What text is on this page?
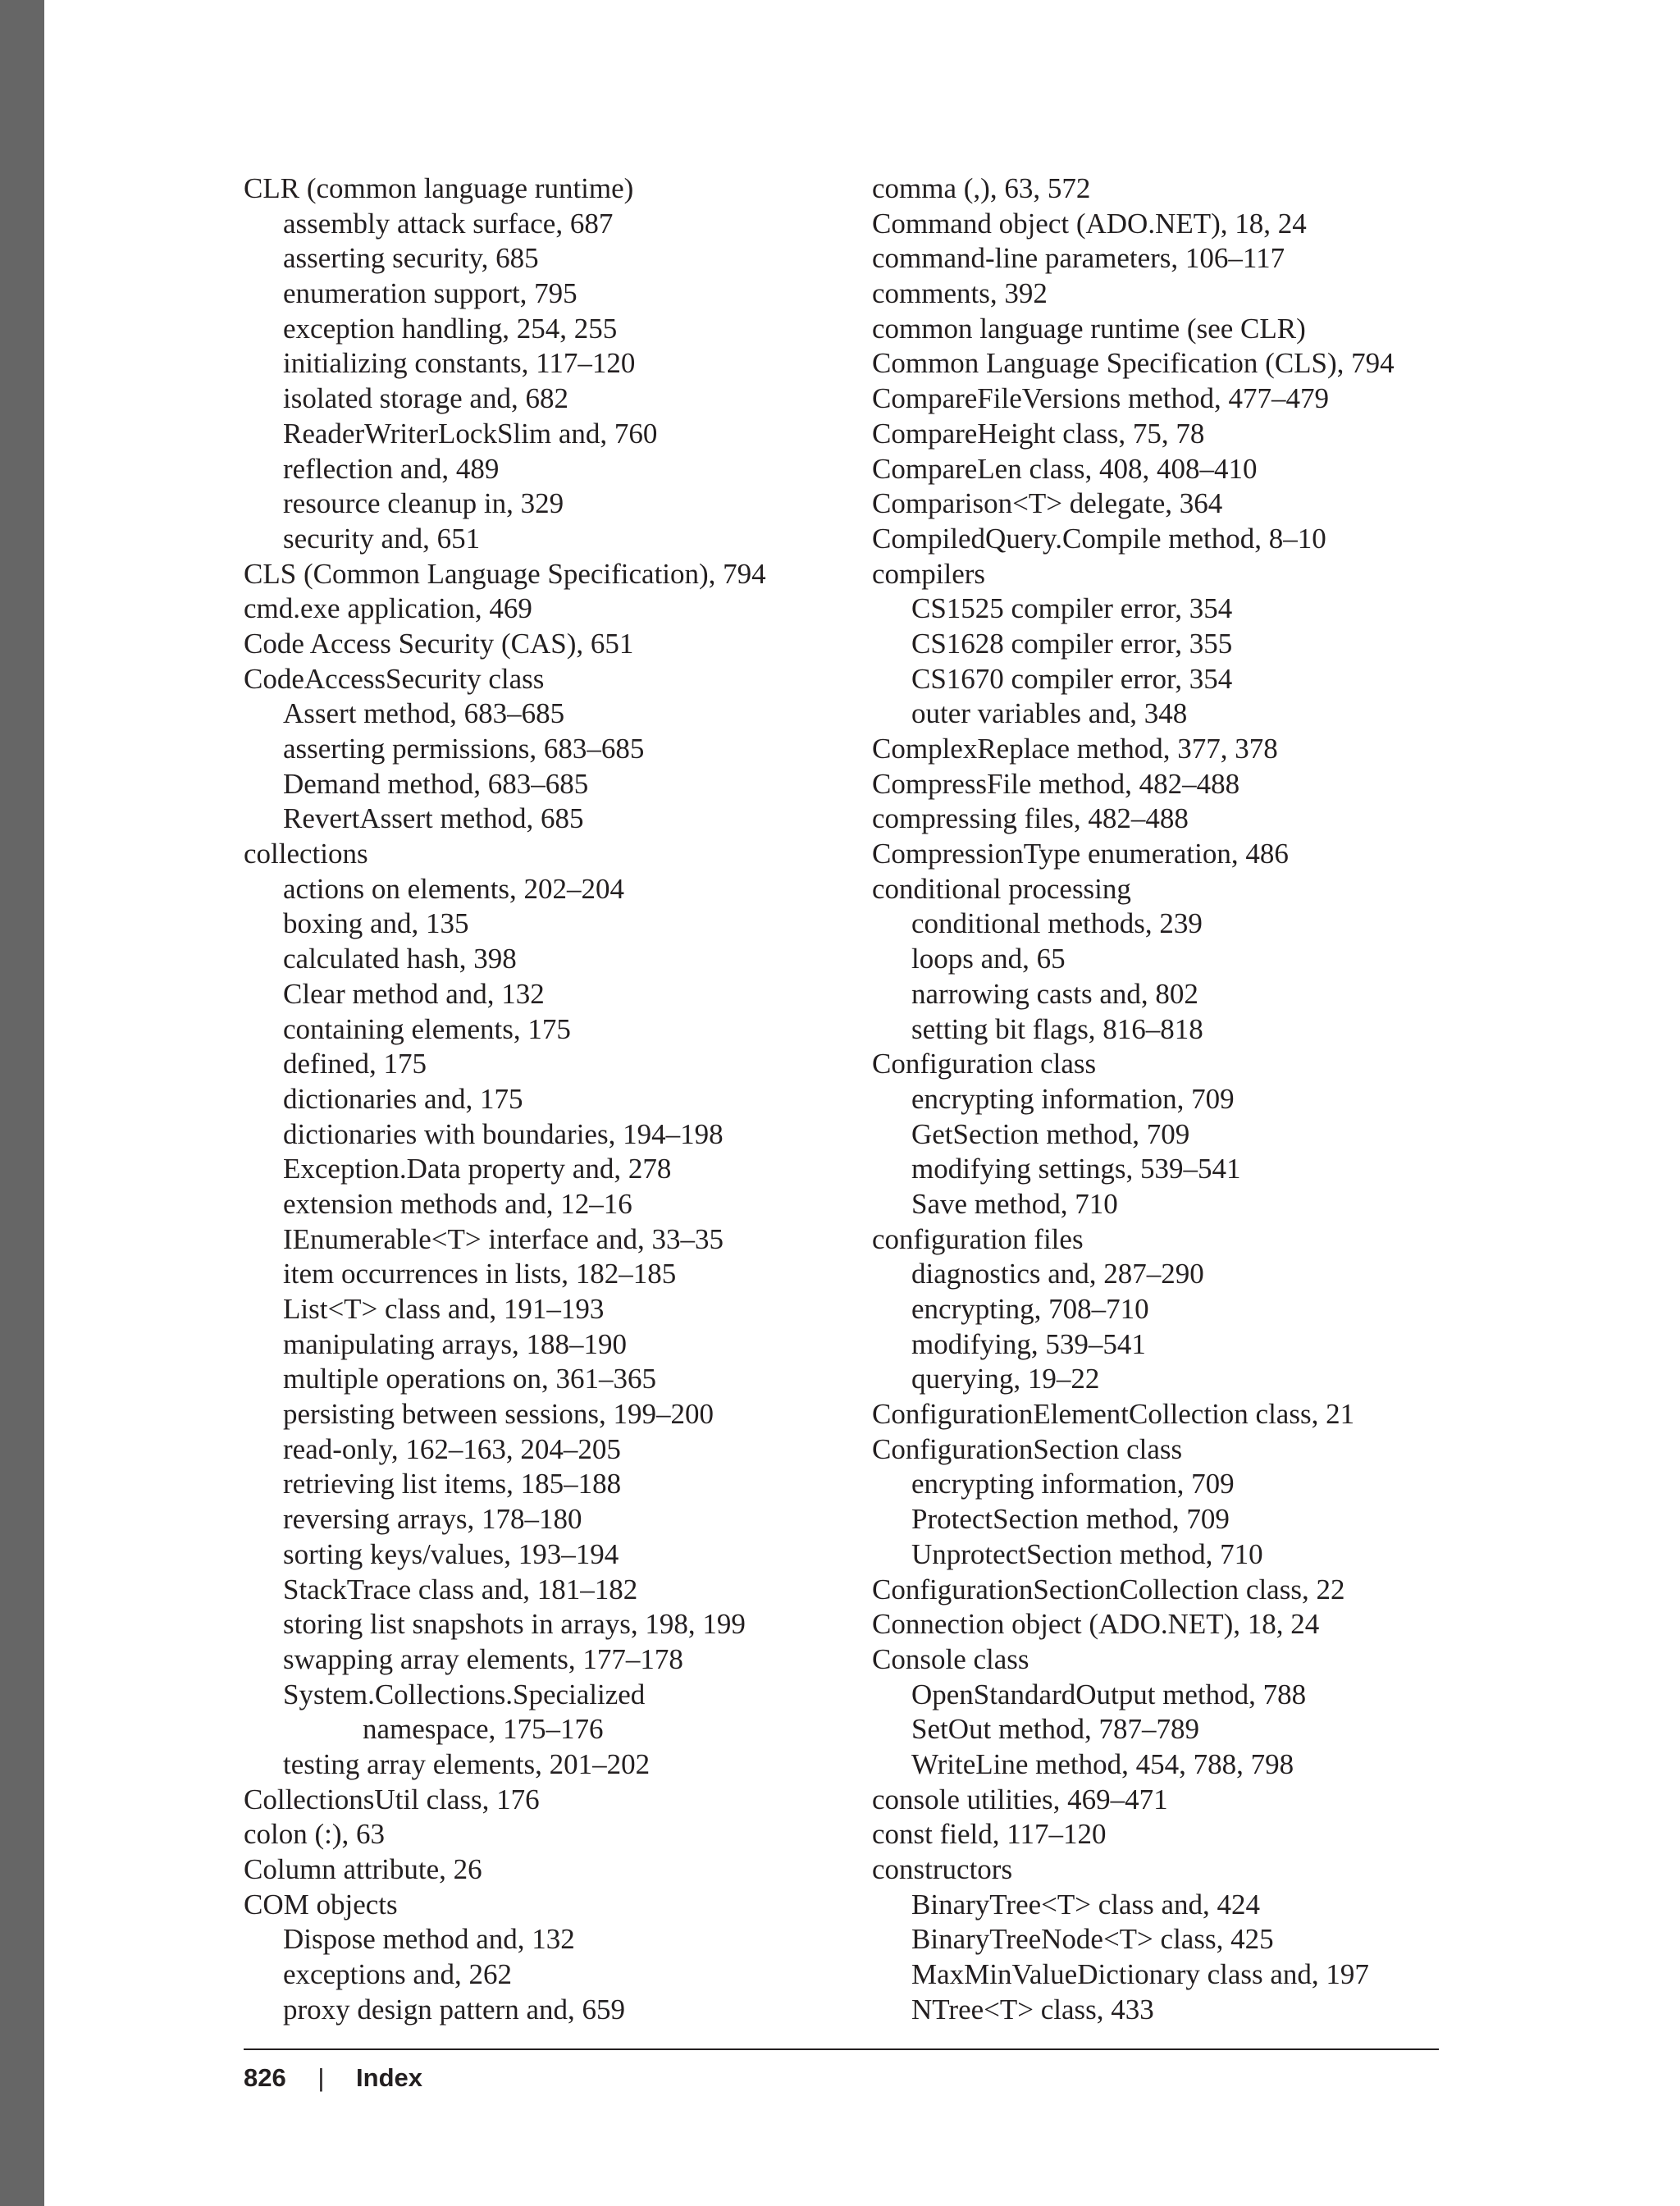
CLR (common language runtime)
assembly attack surface, 687
asserting security, 685
enumeration support, 795
exception handling, 254, 255
initializing constants, 117–120
isolated storage and, 682
ReaderWriterLockSlim and, 760
reflection and, 489
resource cleanup in, 329
security and, 651
CLS (Common Language Specification), 794
cmd.exe application, 469
Code Access Security (CAS), 651
CodeAccessSecurity class
Assert method, 683–685
asserting permissions, 683–685
Demand method, 683–685
RevertAssert method, 685
collections
actions on elements, 202–204
boxing and, 135
calculated hash, 398
Clear method and, 132
containing elements, 175
defined, 175
dictionaries and, 175
dictionaries with boundaries, 194–198
Exception.Data property and, 278
extension methods and, 12–16
IEnumerable<T> interface and, 33–35
item occurrences in lists, 182–185
List<T> class and, 191–193
manipulating arrays, 188–190
multiple operations on, 361–365
persisting between sessions, 199–200
read-only, 162–163, 204–205
retrieving list items, 185–188
reversing arrays, 178–180
sorting keys/values, 193–194
StackTrace class and, 181–182
storing list snapshots in arrays, 198, 199
swapping array elements, 177–178
System.Collections.Specialized
namespace, 175–176
testing array elements, 201–202
CollectionsUtil class, 176
colon (:), 63
Column attribute, 26
COM objects
Dispose method and, 132
exceptions and, 262
proxy design pattern and, 659
comma (,), 63, 572
Command object (ADO.NET), 18, 24
command-line parameters, 106–117
comments, 392
common language runtime (see CLR)
Common Language Specification (CLS), 794
CompareFileVersions method, 477–479
CompareHeight class, 75, 78
CompareLen class, 408, 408–410
Comparison<T> delegate, 364
CompiledQuery.Compile method, 8–10
compilers
CS1525 compiler error, 354
CS1628 compiler error, 355
CS1670 compiler error, 354
outer variables and, 348
ComplexReplace method, 377, 378
CompressFile method, 482–488
compressing files, 482–488
CompressionType enumeration, 486
conditional processing
conditional methods, 239
loops and, 65
narrowing casts and, 802
setting bit flags, 816–818
Configuration class
encrypting information, 709
GetSection method, 709
modifying settings, 539–541
Save method, 710
configuration files
diagnostics and, 287–290
encrypting, 708–710
modifying, 539–541
querying, 19–22
ConfigurationElementCollection class, 21
ConfigurationSection class
encrypting information, 709
ProtectSection method, 709
UnprotectSection method, 710
ConfigurationSectionCollection class, 22
Connection object (ADO.NET), 18, 24
Console class
OpenStandardOutput method, 788
SetOut method, 787–789
WriteLine method, 454, 788, 798
console utilities, 469–471
const field, 117–120
constructors
BinaryTree<T> class and, 424
BinaryTreeNode<T> class, 425
MaxMinValueDictionary class and, 197
NTree<T> class, 433
826 | Index
